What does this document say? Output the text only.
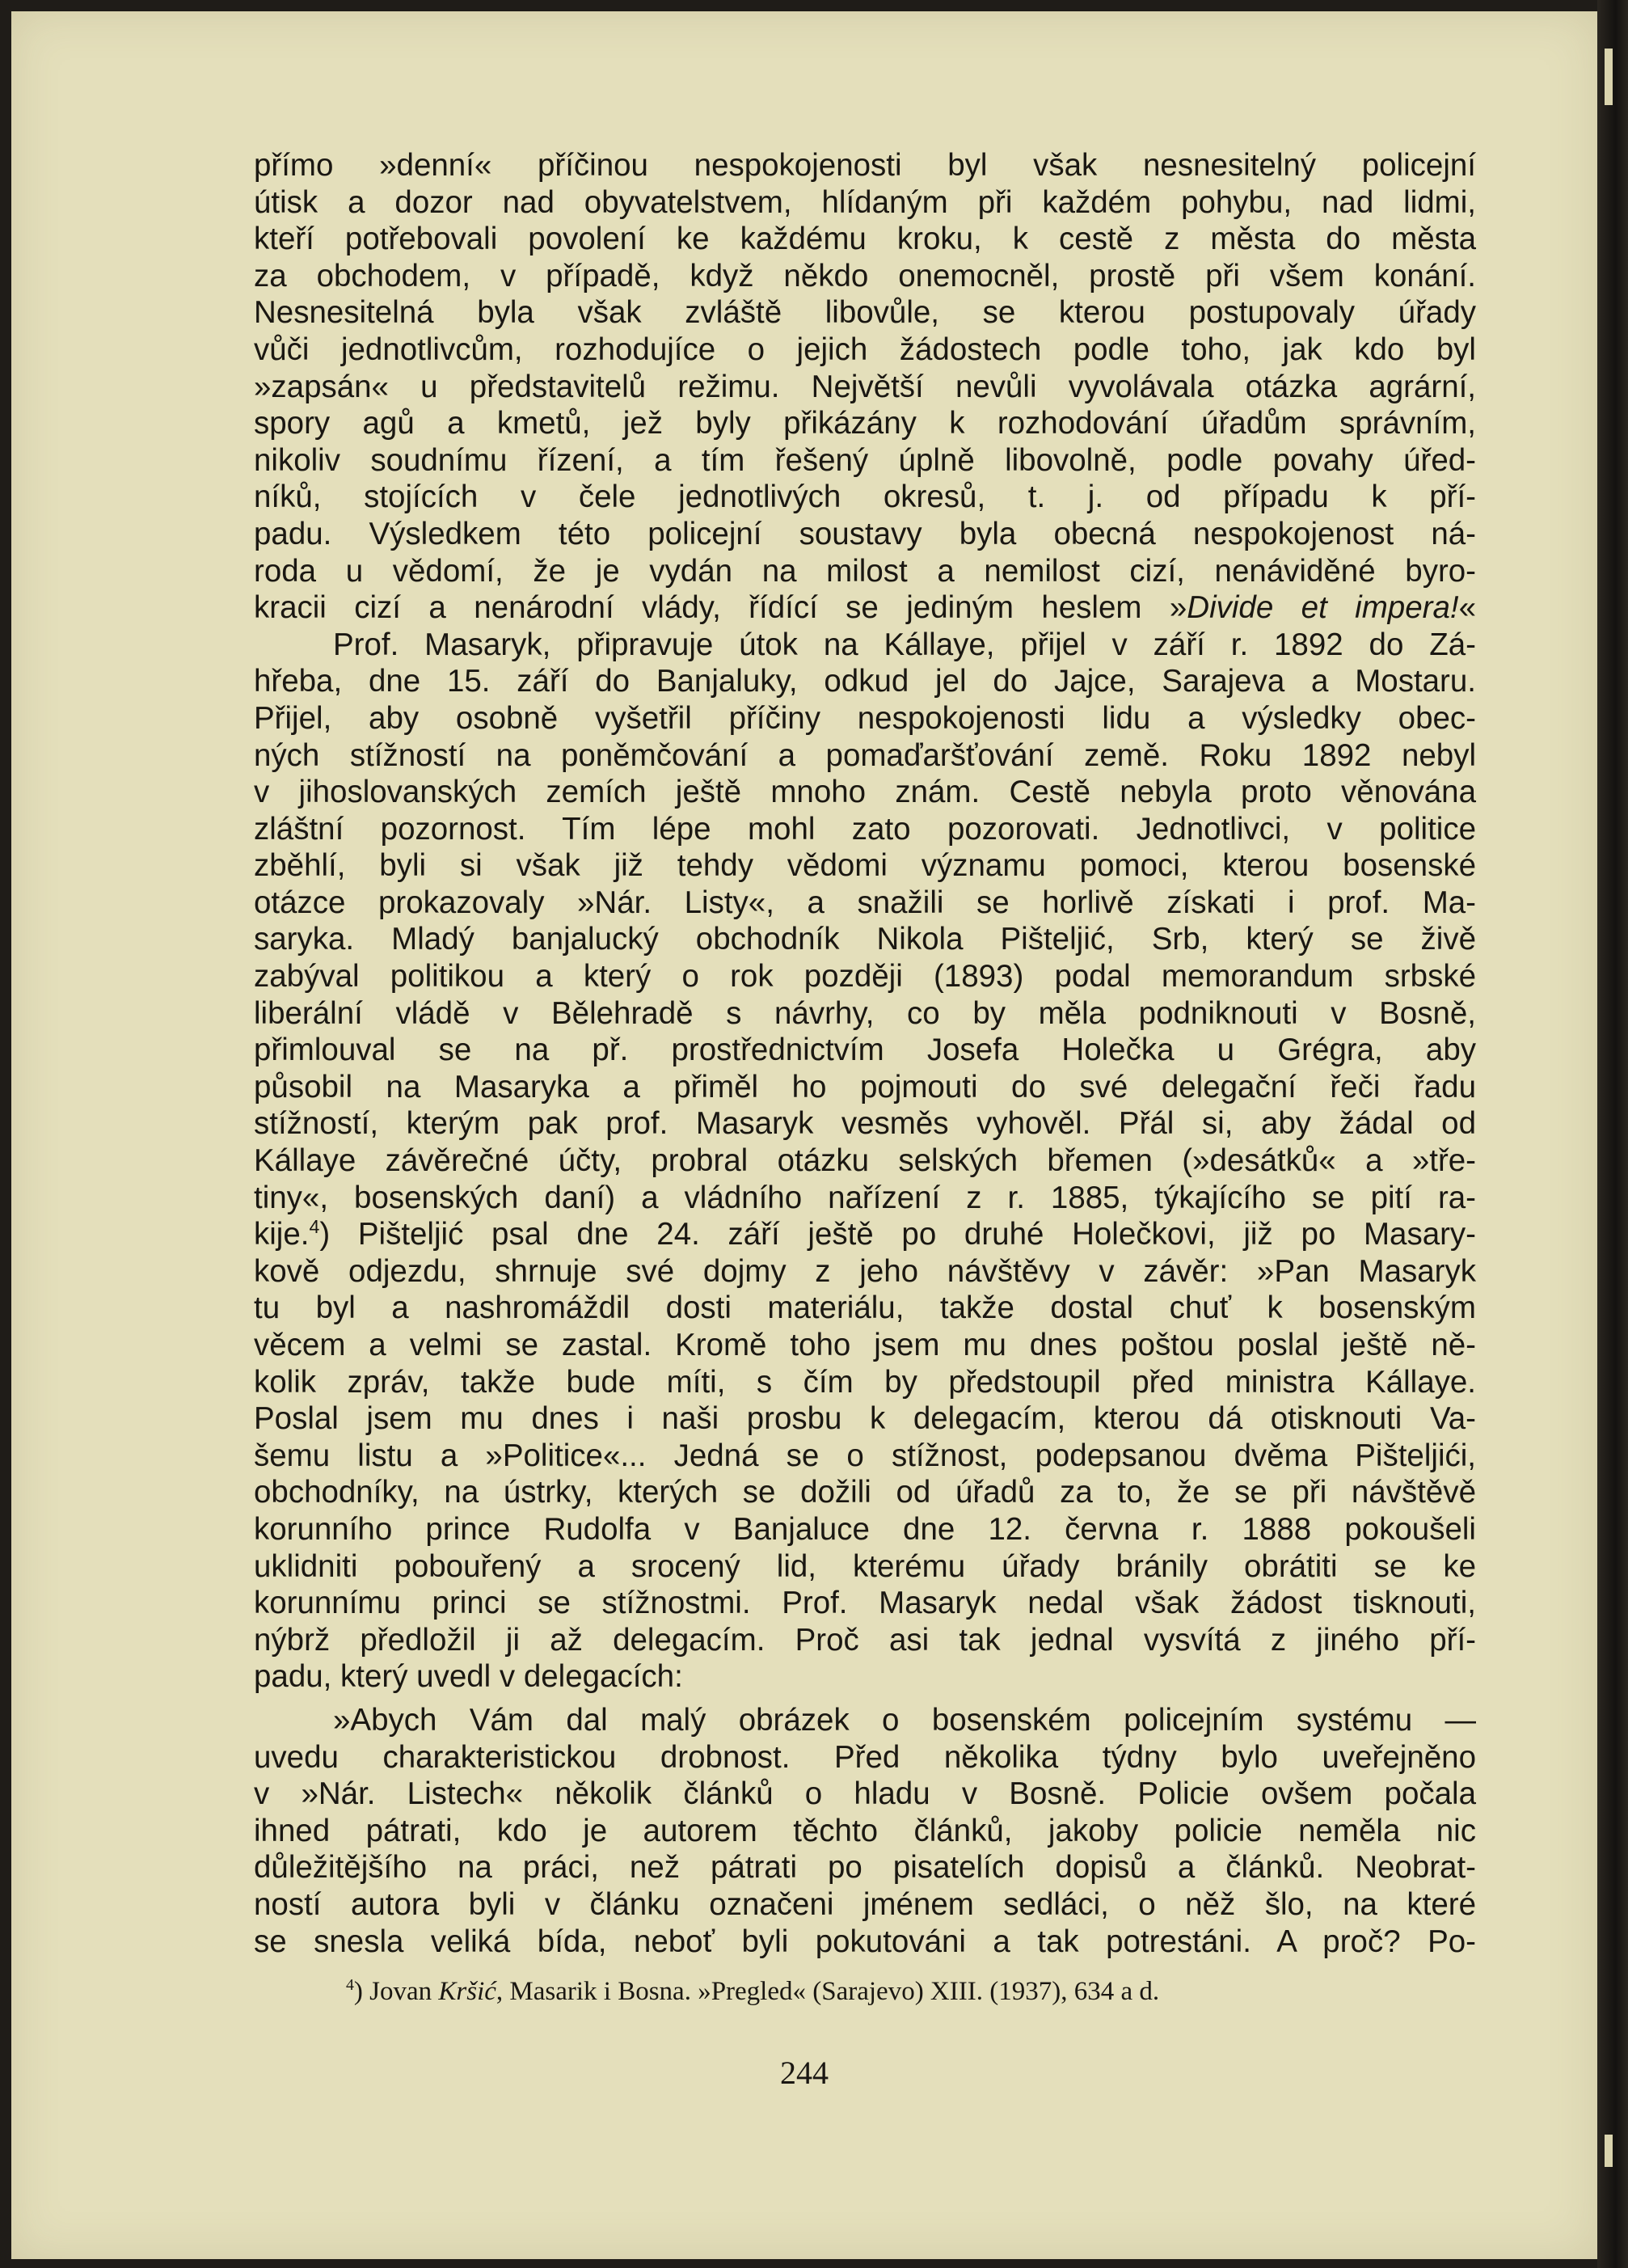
přímo »denní« příčinou nespokojenosti byl však nesnesitelný policejní
útisk a dozor nad obyvatelstvem, hlídaným při každém pohybu, nad lidmi,
kteří potřebovali povolení ke každému kroku, k cestě z města do města
za obchodem, v případě, když někdo onemocněl, prostě při všem konání.
Nesnesitelná byla však zvláště libovůle, se kterou postupovaly úřady
vůči jednotlivcům, rozhodujíce o jejich žádostech podle toho, jak kdo byl
»zapsán« u představitelů režimu. Největší nevůli vyvolávala otázka agrární,
spory agů a kmetů, jež byly přikázány k rozhodování úřadům správním,
nikoliv soudnímu řízení, a tím řešený úplně libovolně, podle povahy úřed-
níků, stojících v čele jednotlivých okresů, t. j. od případu k pří-
padu. Výsledkem této policejní soustavy byla obecná nespokojenost ná-
roda u vědomí, že je vydán na milost a nemilost cizí, nenáviděné byro-
kracii cizí a nenárodní vlády, řídící se jediným heslem »Divide et impera!«

Prof. Masaryk, připravuje útok na Kállaye, přijel v září r. 1892 do Zá-
hřeba, dne 15. září do Banjaluky, odkud jel do Jajce, Sarajeva a Mostaru.
Přijel, aby osobně vyšetřil příčiny nespokojenosti lidu a výsledky obec-
ných stížností na poněmčování a pomaďaršťování země. Roku 1892 nebyl
v jihoslovanských zemích ještě mnoho znám. Cestě nebyla proto věnována
zláštní pozornost. Tím lépe mohl zato pozorovati. Jednotlivci, v politice
zběhlí, byli si však již tehdy vědomi významu pomoci, kterou bosenské
otázce prokazovaly »Nár. Listy«, a snažili se horlivě získati i prof. Ma-
saryka. Mladý banjalucký obchodník Nikola Pišteljić, Srb, který se živě
zabýval politikou a který o rok později (1893) podal memorandum srbské
liberální vládě v Bělehradě s návrhy, co by měla podniknouti v Bosně,
přimlouval se na př. prostřednictvím Josefa Holečka u Grégra, aby
působil na Masaryka a přiměl ho pojmouti do své delegační řeči řadu
stížností, kterým pak prof. Masaryk vesměs vyhověl. Přál si, aby žádal od
Kállaye závěrečné účty, probral otázku selských břemen (»desátků« a »tře-
tiny«, bosenských daní) a vládního nařízení z r. 1885, týkajícího se pití ra-
kije.$^4$) Pišteljić psal dne 24. září ještě po druhé Holečkovi, již po Masary-
kově odjezdu, shrnuje své dojmy z jeho návštěvy v závěr: »Pan Masaryk
tu byl a nashromáždil dosti materiálu, takže dostal chuť k bosenským
věcem a velmi se zastal. Kromě toho jsem mu dnes poštou poslal ještě ně-
kolik zpráv, takže bude míti, s čím by předstoupil před ministra Kállaye.
Poslal jsem mu dnes i naši prosbu k delegacím, kterou dá otisknouti Va-
šemu listu a »Politice«... Jedná se o stížnost, podepsanou dvěma Pišteljići,
obchodníky, na ústrky, kterých se dožili od úřadů za to, že se při návštěvě
korunního prince Rudolfa v Banjaluce dne 12. června r. 1888 pokoušeli
uklidniti pobouřený a srocený lid, kterému úřady bránily obrátiti se ke
korunnímu princi se stížnostmi. Prof. Masaryk nedal však žádost tisknouti,
nýbrž předložil ji až delegacím. Proč asi tak jednal vysvítá z jiného pří-
padu, který uvedl v delegacích:

»Abych Vám dal malý obrázek o bosenském policejním systému —
uvedu charakteristickou drobnost. Před několika týdny bylo uveřejněno
v »Nár. Listech« několik článků o hladu v Bosně. Policie ovšem počala
ihned pátrati, kdo je autorem těchto článků, jakoby policie neměla nic
důležitějšího na práci, než pátrati po pisatelích dopisů a článků. Neobrat-
ností autora byli v článku označeni jménem sedláci, o něž šlo, na které
se snesla veliká bída, neboť byli pokutováni a tak potrestáni. A proč? Po-

$^4$) Jovan Kršić, Masarik i Bosna. »Pregled« (Sarajevo) XIII. (1937), 634 a d.
244
